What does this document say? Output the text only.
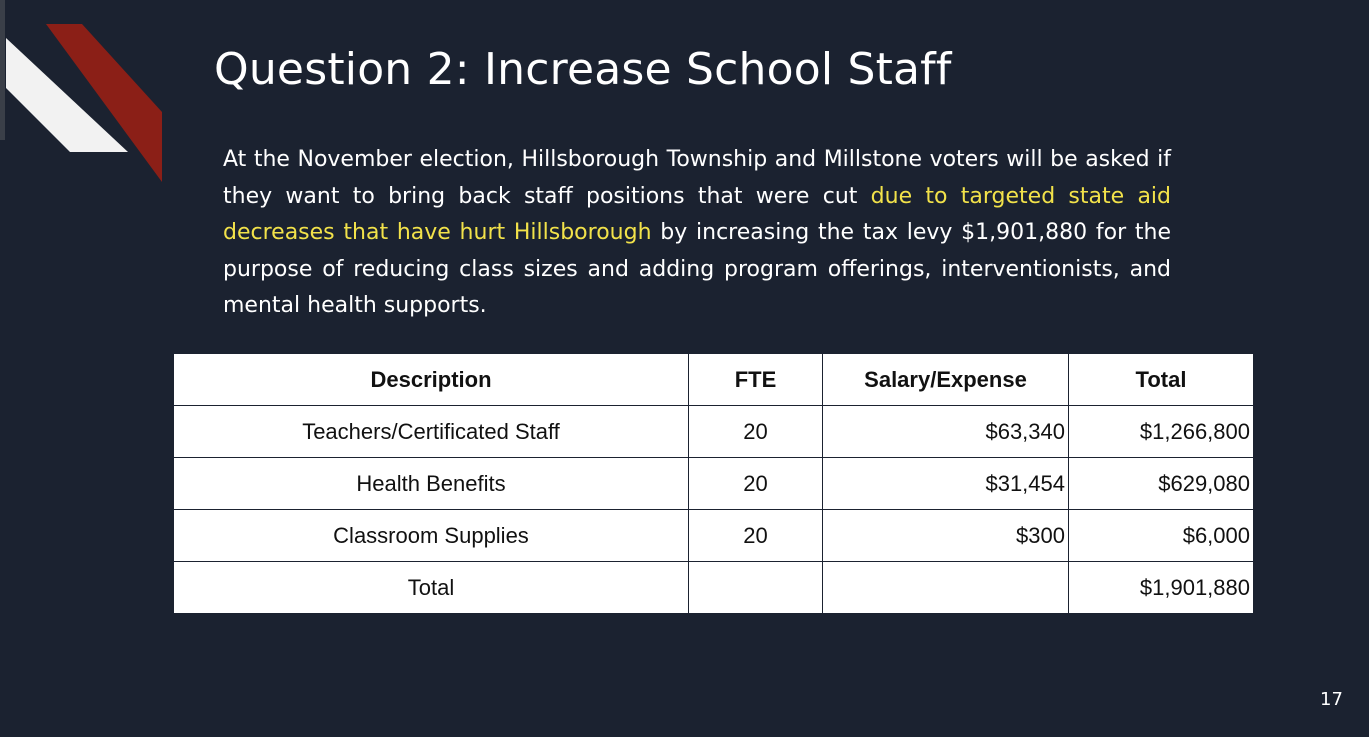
Question 2: Increase School Staff

At the November election, Hillsborough Township and Millstone voters will be asked if they want to bring back staff positions that were cut due to targeted state aid decreases that have hurt Hillsborough by increasing the tax levy $1,901,880 for the purpose of reducing class sizes and adding program offerings, interventionists, and mental health supports.

Description	FTE	Salary/Expense	Total
Teachers/Certificated Staff	20	$63,340	$1,266,800
Health Benefits	20	$31,454	$629,080
Classroom Supplies	20	$300	$6,000
Total			$1,901,880
17
